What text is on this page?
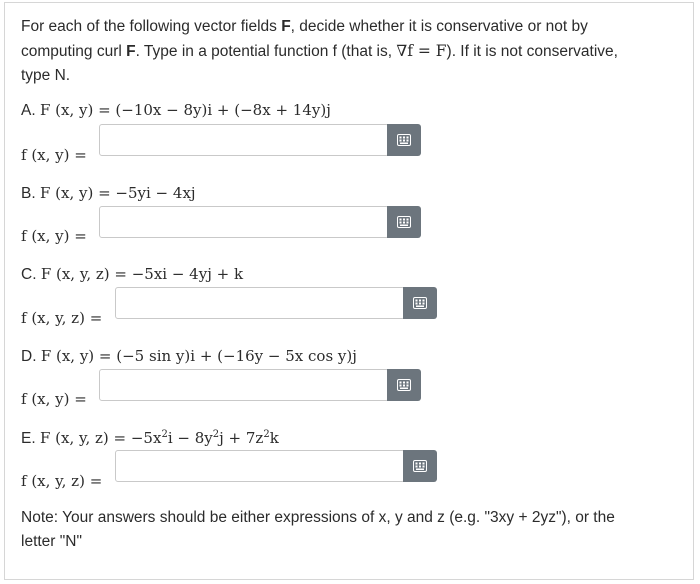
For each of the following vector fields F, decide whether it is conservative or not by
computing curl F. Type in a potential function f (that is, ∇f = F). If it is not conservative,
type N.
A. F (x, y) = (−10x − 8y)i + (−8x + 14y)j
f (x, y) =
B. F (x, y) = −5yi − 4xj
f (x, y) =
C. F (x, y, z) = −5xi − 4yj + k
f (x, y, z) =
D. F (x, y) = (−5 sin y)i + (−16y − 5x cos y)j
f (x, y) =
E. F (x, y, $z) = -5x^2i - 8y^2j + 7z^2k$
f (x, y, z) =
Note: Your answers should be either expressions of x, y and z (e.g. "3xy + 2yz"), or the
letter "N"
